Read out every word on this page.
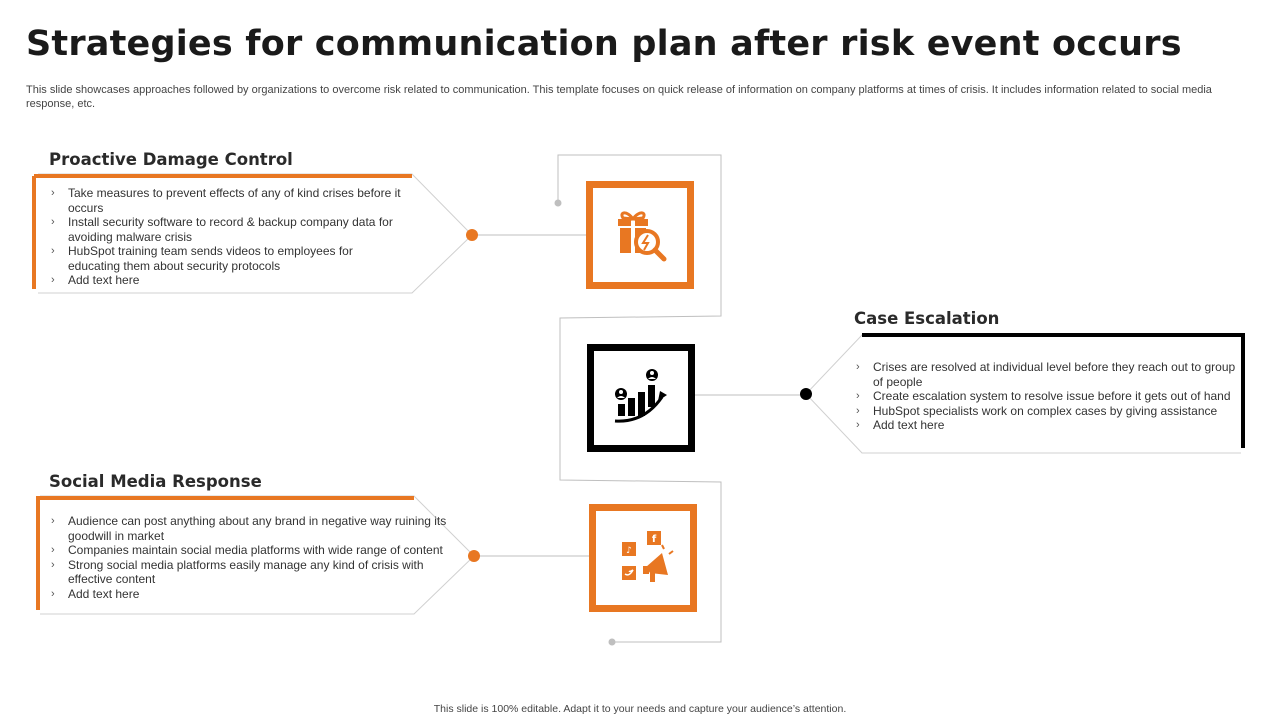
Strategies for communication plan after risk event occurs

This slide showcases approaches followed by organizations to overcome risk related to communication. This template focuses on quick release of information on company platforms at times of crisis. It includes information related to social media response, etc.

Proactive Damage Control
› Take measures to prevent effects of any of kind crises before it occurs
› Install security software to record & backup company data for avoiding malware crisis
› HubSpot training team sends videos to employees for educating them about security protocols
› Add text here
Case Escalation
› Crises are resolved at individual level before they reach out to group of people
› Create escalation system to resolve issue before it gets out of hand
› HubSpot specialists work on complex cases by giving assistance
› Add text here
Social Media Response
› Audience can post anything about any brand in negative way ruining its goodwill in market
› Companies maintain social media platforms with wide range of content
› Strong social media platforms easily manage any kind of crisis with effective content
› Add text here
♪
f

This slide is 100% editable. Adapt it to your needs and capture your audience’s attention.
